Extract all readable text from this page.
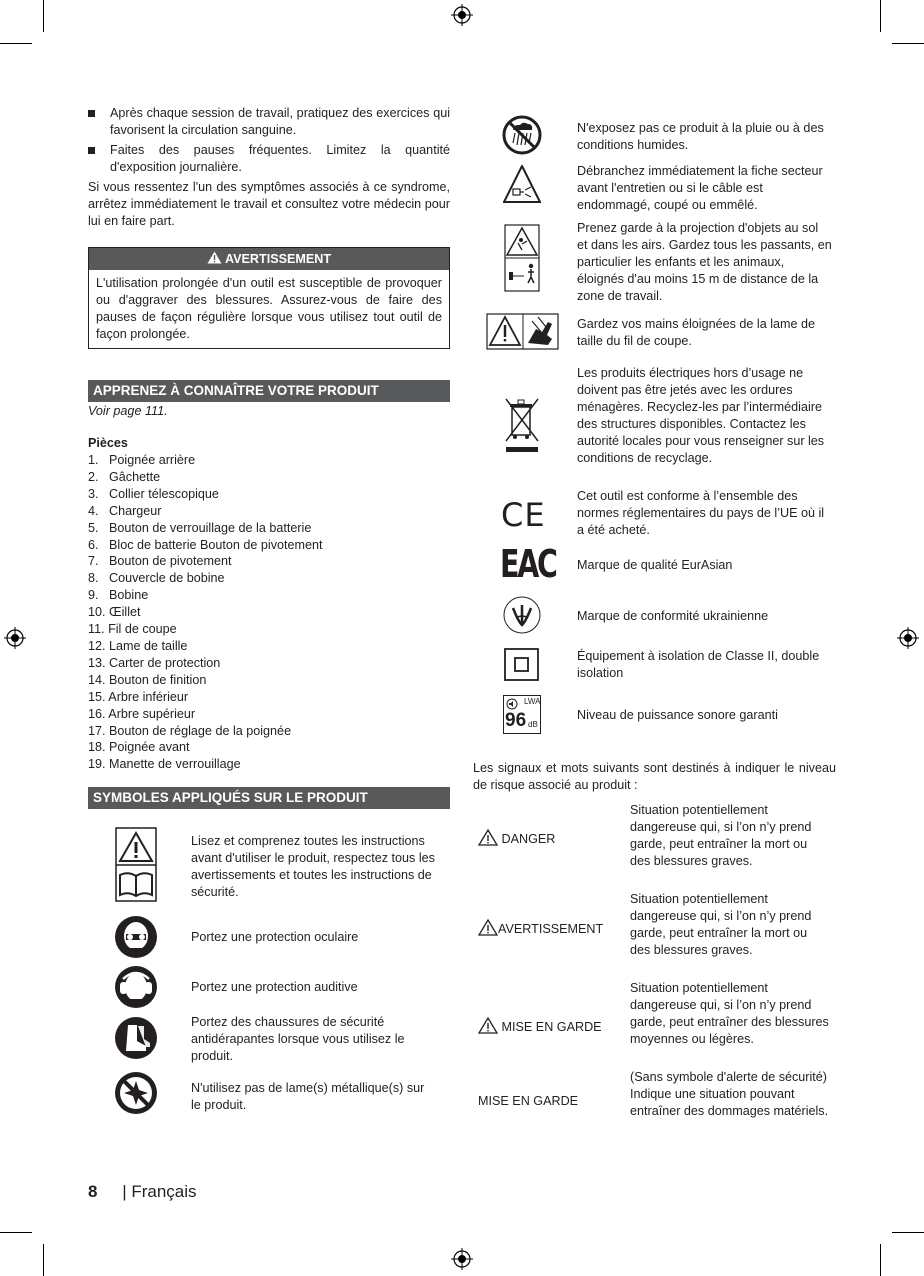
Après chaque session de travail, pratiquez des exercices qui favorisent la circulation sanguine.
Faites des pauses fréquentes. Limitez la quantité d'exposition journalière.

Si vous ressentez l'un des symptômes associés à ce syndrome, arrêtez immédiatement le travail et consultez votre médecin pour lui en faire part.

AVERTISSEMENT
L'utilisation prolongée d'un outil est susceptible de provoquer ou d'aggraver des blessures. Assurez-vous de faire des pauses de façon régulière lorsque vous utilisez tout outil de façon prolongée.
APPRENEZ À CONNAÎTRE VOTRE PRODUIT
Voir page 111.
Pièces
1.	Poignée arrière
2.	Gâchette
3.	Collier télescopique
4.	Chargeur
5.	Bouton de verrouillage de la batterie
6.	Bloc de batterie Bouton de pivotement
7.	Bouton de pivotement
8.	Couvercle de bobine
9.	Bobine
10. Œillet
11. Fil de coupe
12. Lame de taille
13. Carter de protection
14. Bouton de finition
15. Arbre inférieur
16. Arbre supérieur
17. Bouton de réglage de la poignée
18. Poignée avant
19. Manette de verrouillage
SYMBOLES APPLIQUÉS SUR LE PRODUIT
Lisez et comprenez toutes les instructions avant d'utiliser le produit, respectez tous les avertissements et toutes les instructions de sécurité.
Portez une protection oculaire
Portez une protection auditive
Portez des chaussures de sécurité antidérapantes lorsque vous utilisez le produit.
N'utilisez pas de lame(s) métallique(s) sur le produit.
N'exposez pas ce produit à la pluie ou à des conditions humides.
Débranchez immédiatement la fiche secteur avant l'entretien ou si le câble est endommagé, coupé ou emmêlé.
Prenez garde à la projection d'objets au sol et dans les airs. Gardez tous les passants, en particulier les enfants et les animaux, éloignés d'au moins 15 m de distance de la zone de travail.
Gardez vos mains éloignées de la lame de taille du fil de coupe.
Les produits électriques hors d’usage ne doivent pas être jetés avec les ordures ménagères. Recyclez-les par l’intermédiaire des structures disponibles. Contactez les autorité locales pour vous renseigner sur les conditions de recyclage.
CE Cet outil est conforme à l’ensemble des normes réglementaires du pays de l’UE où il a été acheté.
EAC Marque de qualité EurAsian
Marque de conformité ukrainienne
Équipement à isolation de Classe II, double isolation
LWA
96 dB
Niveau de puissance sonore garanti
Les signaux et mots suivants sont destinés à indiquer le niveau de risque associé au produit :
DANGER
Situation potentiellement dangereuse qui, si l’on n’y prend garde, peut entraîner la mort ou des blessures graves.
AVERTISSEMENT
Situation potentiellement dangereuse qui, si l’on n’y prend garde, peut entraîner la mort ou des blessures graves.
MISE EN GARDE
Situation potentiellement dangereuse qui, si l’on n’y prend garde, peut entraîner des blessures moyennes ou légères.
MISE EN GARDE
(Sans symbole d'alerte de sécurité) Indique une situation pouvant entraîner des dommages matériels.
8 | Français
